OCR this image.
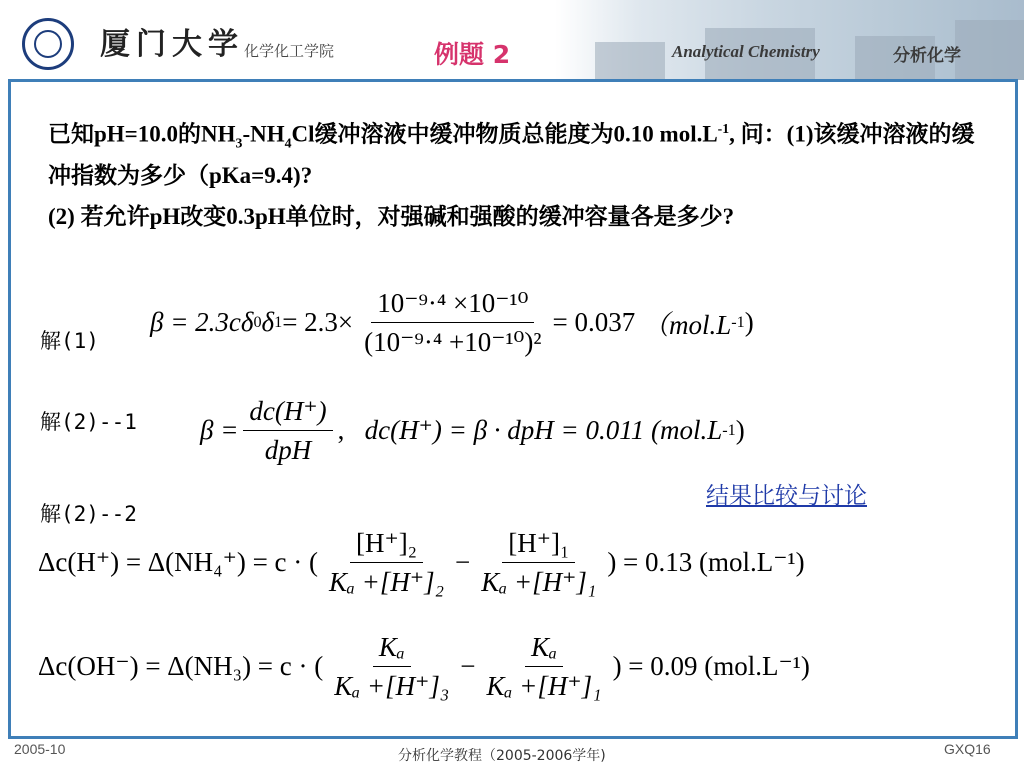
厦门大学 化学化工学院	例题 2	Analytical Chemistry	分析化学

已知pH=10.0的$NH_3-NH_4Cl$缓冲溶液中缓冲物质总能度为0.10 $mol.L^{-1}$, 问：(1)该缓冲溶液的缓冲指数为多少（pKa=9.4)?

(2) 若允许pH改变0.3pH单位时，对强碱和强酸的缓冲容量各是多少?

解(1)
β = 2.3cδ 0 δ $1 = 2.3\times \frac{\text{10⁻⁹·⁴ ×10⁻¹⁰}}{\text{(10⁻⁹·⁴ +10⁻¹⁰)²}} = 0.037$
（mol.L -1 )
解(2)--1 $\beta = \frac{dc(H^+)}{\text{dpH}}$ ,
dc(H⁺) = β · dpH = 0.011 (mol.L -1 )
结果比较与讨论
解(2)--2
Δc(H⁺) = Δ(NH₄⁺) = c · ( $\frac{\text{[H⁺]₂}}{\text{Kₐ +[H⁺]₂}} - \frac{\text{[H⁺]₁}}{\text{Kₐ +[H⁺]₁}}$ ) = 0.13 (mol.L⁻¹)
Δc(OH⁻) = Δ(NH₃) = c · ( $\frac{\text{Kₐ}}{\text{Kₐ +[H⁺]₃}} - \frac{\text{Kₐ}}{\text{Kₐ +[H⁺]₁}}$ ) = 0.09 (mol.L⁻¹)
2005-10	分析化学教程（2005-2006学年)	GXQ16
